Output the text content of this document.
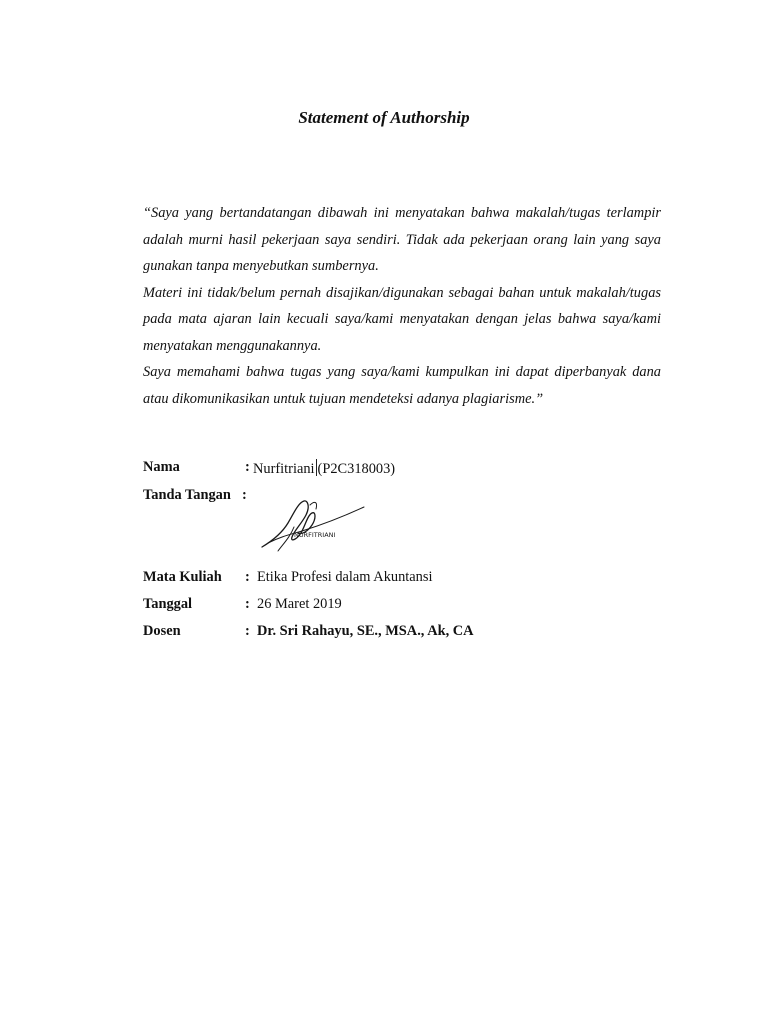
Statement of Authorship

“Saya yang bertandatangan dibawah ini menyatakan bahwa makalah/tugas terlampir adalah murni hasil pekerjaan saya sendiri. Tidak ada pekerjaan orang lain yang saya gunakan tanpa menyebutkan sumbernya.

Materi ini tidak/belum pernah disajikan/digunakan sebagai bahan untuk makalah/tugas pada mata ajaran lain kecuali saya/kami menyatakan dengan jelas bahwa saya/kami menyatakan menggunakannya.

Saya memahami bahwa tugas yang saya/kami kumpulkan ini dapat diperbanyak dana atau dikomunikasikan untuk tujuan mendeteksi adanya plagiarisme.”

Nama	: Nurfitriani (P2C318003)
Tanda Tangan :
Mata Kuliah : Etika Profesi dalam Akuntansi
Tanggal	: 26 Maret 2019
Dosen	: Dr. Sri Rahayu, SE., MSA., Ak, CA
NURFITRIANI
